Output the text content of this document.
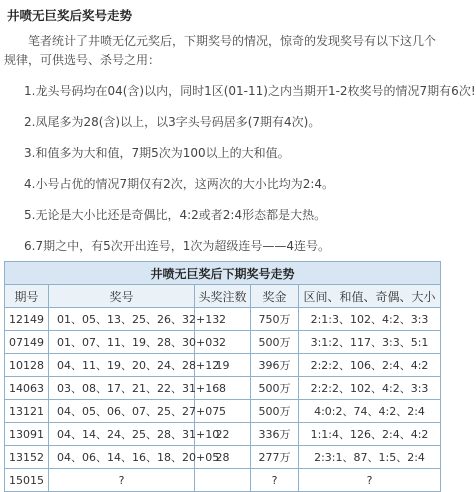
井喷无巨奖后奖号走势
笔者统计了井喷无亿元奖后，下期奖号的情况，惊奇的发现奖号有以下这几个规律，可供选号、杀号之用：
1.龙头号码均在04(含)以内，同时1区(01-11)之内当期开1-2枚奖号的情况7期有6次!
2.凤尾多为28(含)以上，以3字头号码居多(7期有4次)。
3.和值多为大和值，7期5次为100以上的大和值。
4.小号占优的情况7期仅有2次，这两次的大小比均为2:4。
5.无论是大小比还是奇偶比，4:2或者2:4形态都是大热。
6.7期之中，有5次开出连号，1次为超级连号——4连号。
井喷无巨奖后下期奖号走势				
期号	奖号	头奖注数	奖金	区间、和值、奇偶、大小
12149	01、05、13、25、26、32+13	2	750万	2:1:3、102、4:2、3:3
07149	01、07、11、19、28、30+03	2	500万	3:1:2、117、3:3、5:1
10128	04、11、19、20、24、28+12	19	396万	2:2:2、106、2:4、4:2
14063	03、08、17、21、22、31+16	8	500万	2:2:2、102、4:2、3:3
13121	04、05、06、07、25、27+07	5	500万	4:0:2、74、4:2、2:4
13091	04、14、24、25、28、31+10	22	336万	1:1:4、126、2:4、4:2
13152	04、06、14、16、18、20+05	28	277万	2:3:1、87、1:5、2:4
15015	?		?	?
